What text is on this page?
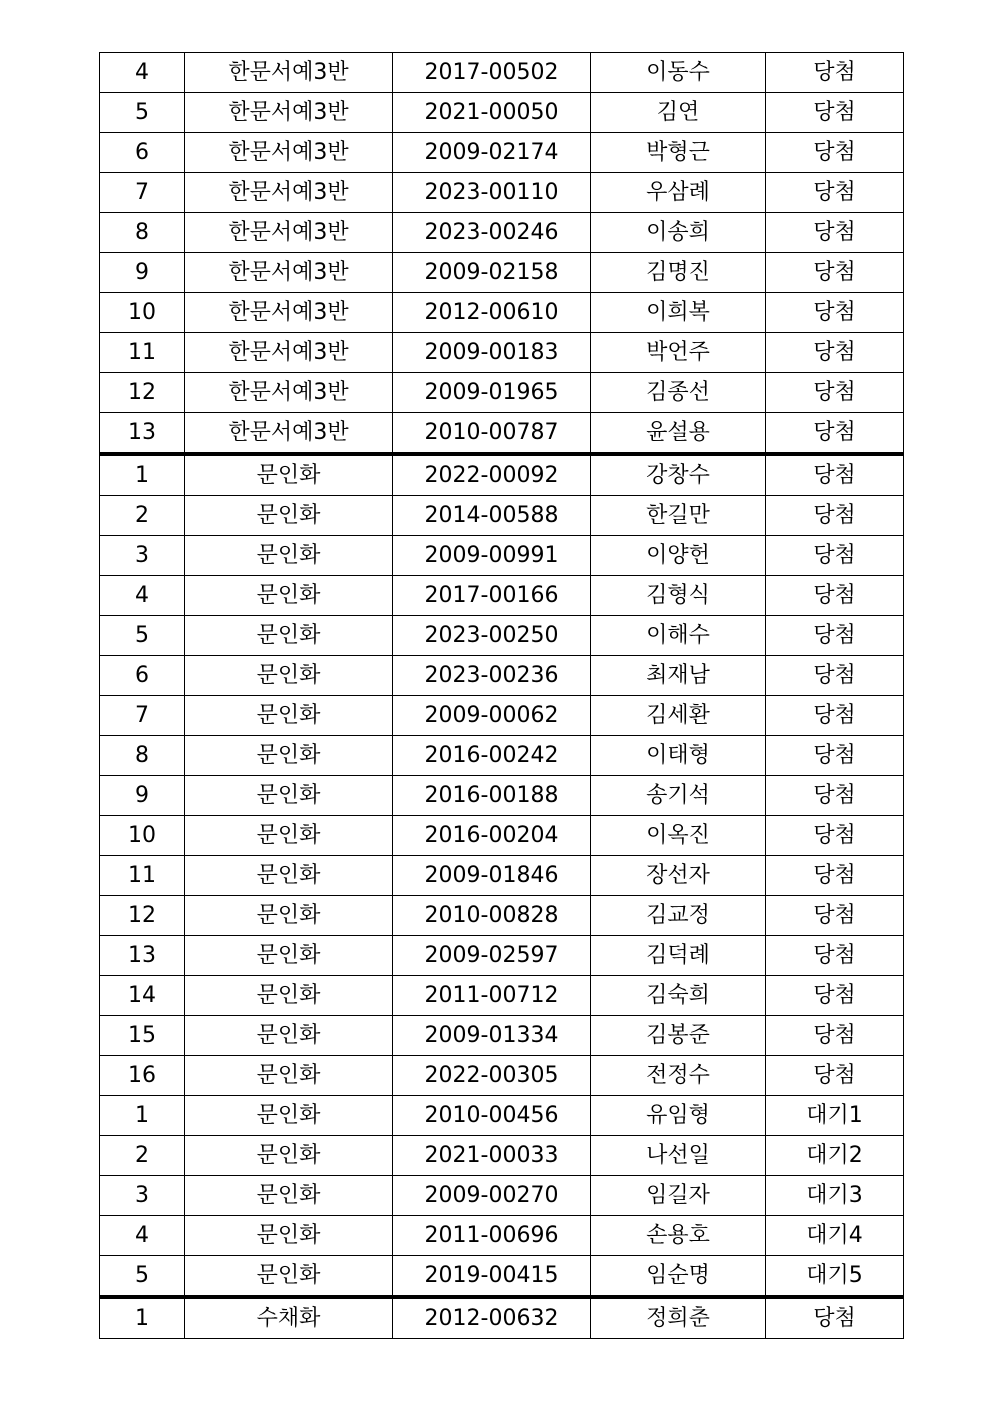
4	한문서예3반	2017-00502	이동수	당첨
5	한문서예3반	2021-00050	김연	당첨
6	한문서예3반	2009-02174	박형근	당첨
7	한문서예3반	2023-00110	우삼례	당첨
8	한문서예3반	2023-00246	이송희	당첨
9	한문서예3반	2009-02158	김명진	당첨
10	한문서예3반	2012-00610	이희복	당첨
11	한문서예3반	2009-00183	박언주	당첨
12	한문서예3반	2009-01965	김종선	당첨
13	한문서예3반	2010-00787	윤설용	당첨
1	문인화	2022-00092	강창수	당첨
2	문인화	2014-00588	한길만	당첨
3	문인화	2009-00991	이양헌	당첨
4	문인화	2017-00166	김형식	당첨
5	문인화	2023-00250	이해수	당첨
6	문인화	2023-00236	최재남	당첨
7	문인화	2009-00062	김세환	당첨
8	문인화	2016-00242	이태형	당첨
9	문인화	2016-00188	송기석	당첨
10	문인화	2016-00204	이옥진	당첨
11	문인화	2009-01846	장선자	당첨
12	문인화	2010-00828	김교정	당첨
13	문인화	2009-02597	김덕례	당첨
14	문인화	2011-00712	김숙희	당첨
15	문인화	2009-01334	김봉준	당첨
16	문인화	2022-00305	전정수	당첨
1	문인화	2010-00456	유임형	대기1
2	문인화	2021-00033	나선일	대기2
3	문인화	2009-00270	임길자	대기3
4	문인화	2011-00696	손용호	대기4
5	문인화	2019-00415	임순명	대기5
1	수채화	2012-00632	정희춘	당첨
